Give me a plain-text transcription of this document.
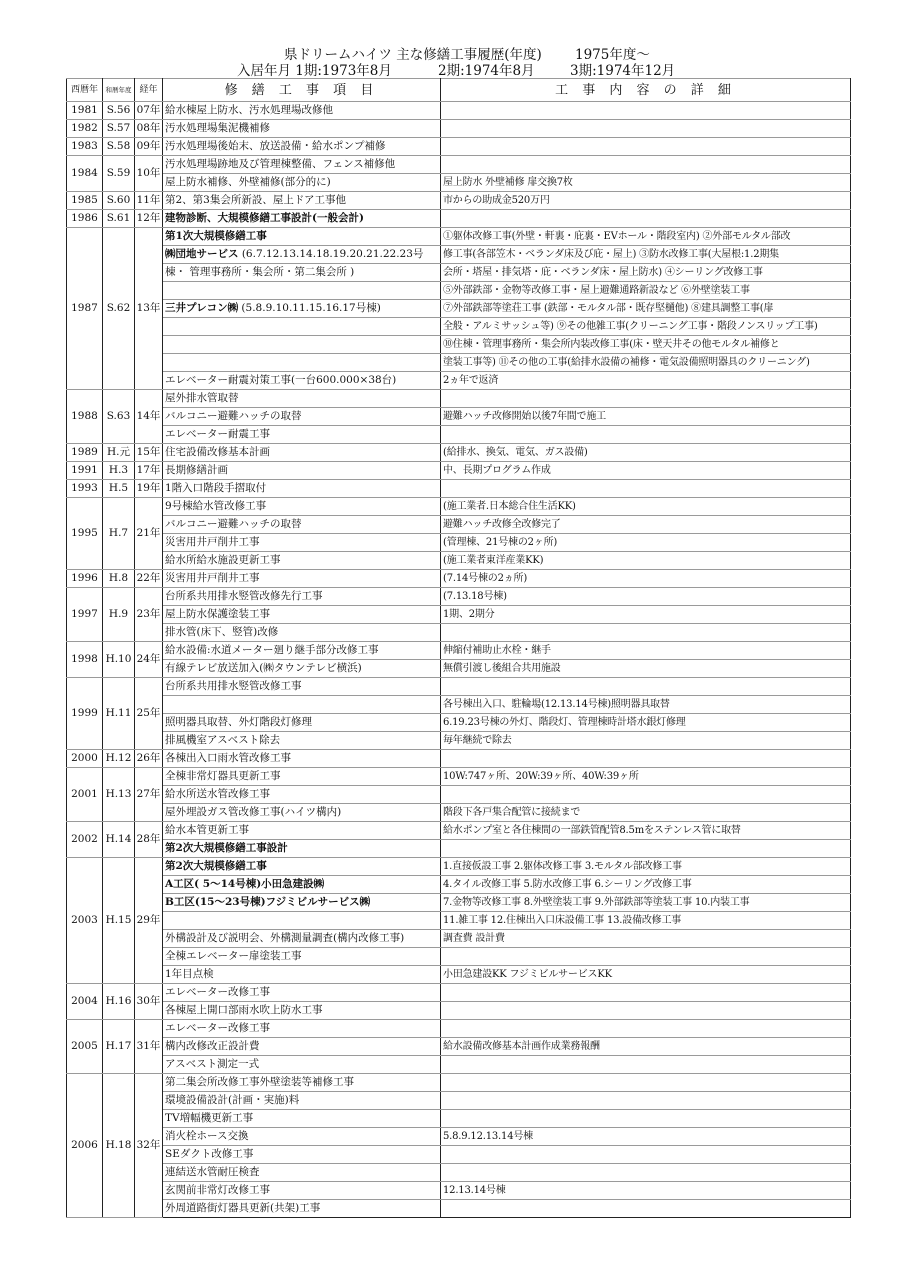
県ドリームハイツ 主な修繕工事履歴(年度) 1975年度～
入居年月 1期:1973年8月	2期:1974年8月	3期:1974年12月
西暦年	和暦年度	経年	修 繕 工 事 項 目	工 事 内 容 の 詳 細
1981	S.56	07年	給水棟屋上防水、汚水処理場改修他	
1982	S.57	08年	汚水処理場集泥機補修	
1983	S.58	09年	汚水処理場後始末、放送設備・給水ポンプ補修	
1984	S.59	10年	汚水処理場跡地及び管理棟整備、フェンス補修他	
			屋上防水補修、外壁補修(部分的に)	屋上防水 外壁補修 扉交換7枚
1985	S.60	11年	第2、第3集会所新設、屋上ドア工事他	市からの助成金520万円
1986	S.61	12年	建物診断、大規模修繕工事設計(一般会計)	
1987	S.62	13年	第1次大規模修繕工事	①躯体改修工事(外壁・軒裏・庇裏・EVホール・階段室内) ②外部モルタル部改
			㈱団地サービス (6.7.12.13.14.18.19.20.21.22.23号	修工事(各部笠木・ベランダ床及び庇・屋上) ③防水改修工事(大屋根:1.2期集
			棟・ 管理事務所・集会所・第二集会所 )	会所・塔屋・排気塔・庇・ベランダ床・屋上防水) ④シーリング改修工事
				⑤外部鉄部・金物等改修工事・屋上避難通路新設など ⑥外壁塗装工事
			三井プレコン㈱ (5.8.9.10.11.15.16.17号棟)	⑦外部鉄部等塗荘工事 (鉄部・モルタル部・既存堅樋他) ⑧建具調整工事(扉
				全般・アルミサッシュ等) ⑨その他雑工事(クリーニング工事・階段ノンスリップ工事)
				⑩住棟・管理事務所・集会所内装改修工事(床・壁天井その他モルタル補修と
				塗装工事等) ⑪その他の工事(給排水設備の補修・電気設備照明器具のクリーニング)
			エレベーター耐震対策工事(一台600.000×38台)	2ヵ年で返済
1988	S.63	14年	屋外排水管取替	
			バルコニー避難ハッチの取替	避難ハッチ改修開始以後7年間で施工
			エレベーター耐震工事	
1989	H.元	15年	住宅設備改修基本計画	(給排水、換気、電気、ガス設備)
1991	H.3	17年	長期修繕計画	中、長期プログラム作成
1993	H.5	19年	1階入口階段手摺取付	
1995	H.7	21年	9号棟給水管改修工事	(施工業者.日本総合住生活KK)
			バルコニー避難ハッチの取替	避難ハッチ改修全改修完了
			災害用井戸削井工事	(管理棟、21号棟の2ヶ所)
			給水所給水施設更新工事	(施工業者東洋産業KK)
1996	H.8	22年	災害用井戸削井工事	(7.14号棟の2ヵ所)
1997	H.9	23年	台所系共用排水竪管改修先行工事	(7.13.18号棟)
			屋上防水保護塗装工事	1期、2期分
			排水管(床下、竪管)改修	
1998	H.10	24年	給水設備:水道メーター廻り継手部分改修工事	伸縮付補助止水栓・継手
			有線テレビ放送加入(㈱タウンテレビ横浜)	無償引渡し後組合共用施設
1999	H.11	25年	台所系共用排水竪管改修工事	
				各号棟出入口、駐輪場(12.13.14号棟)照明器具取替
			照明器具取替、外灯階段灯修理	6.19.23号棟の外灯、階段灯、管理棟時計塔水銀灯修理
			排風機室アスベスト除去	毎年継続で除去
2000	H.12	26年	各棟出入口雨水管改修工事	
2001	H.13	27年	全棟非常灯器具更新工事	10W:747ヶ所、20W:39ヶ所、40W:39ヶ所
			給水所送水管改修工事	
			屋外埋設ガス管改修工事(ハイツ構内)	階段下各戸集合配管に接続まで
2002	H.14	28年	給水本管更新工事	給水ポンプ室と各住棟間の一部鉄管配管8.5mをステンレス管に取替
			第2次大規模修繕工事設計	
2003	H.15	29年	第2次大規模修繕工事	1.直接仮設工事 2.躯体改修工事 3.モルタル部改修工事
			A工区( 5～14号棟)小田急建設㈱	4.タイル改修工事 5.防水改修工事 6.シーリング改修工事
			B工区(15～23号棟)フジミビルサービス㈱	7.金物等改修工事 8.外壁塗装工事 9.外部鉄部等塗装工事 10.内装工事
				11.雑工事 12.住棟出入口床設備工事 13.設備改修工事
			外構設計及び説明会、外構測量調査(構内改修工事)	調査費 設計費
			全棟エレベーター扉塗装工事	
			1年目点検	小田急建設KK フジミビルサービスKK
2004	H.16	30年	エレベーター改修工事	
			各棟屋上開口部雨水吹上防水工事	
2005	H.17	31年	エレベーター改修工事	
			構内改修改正設計費	給水設備改修基本計画作成業務報酬
			アスベスト測定一式	
2006	H.18	32年	第二集会所改修工事外壁塗装等補修工事	
			環境設備設計(計画・実施)料	
			TV増幅機更新工事	
			消火栓ホース交換	5.8.9.12.13.14号棟
			SEダクト改修工事	
			連結送水管耐圧検査	
			玄関前非常灯改修工事	12.13.14号棟
			外周道路街灯器具更新(共架)工事	
